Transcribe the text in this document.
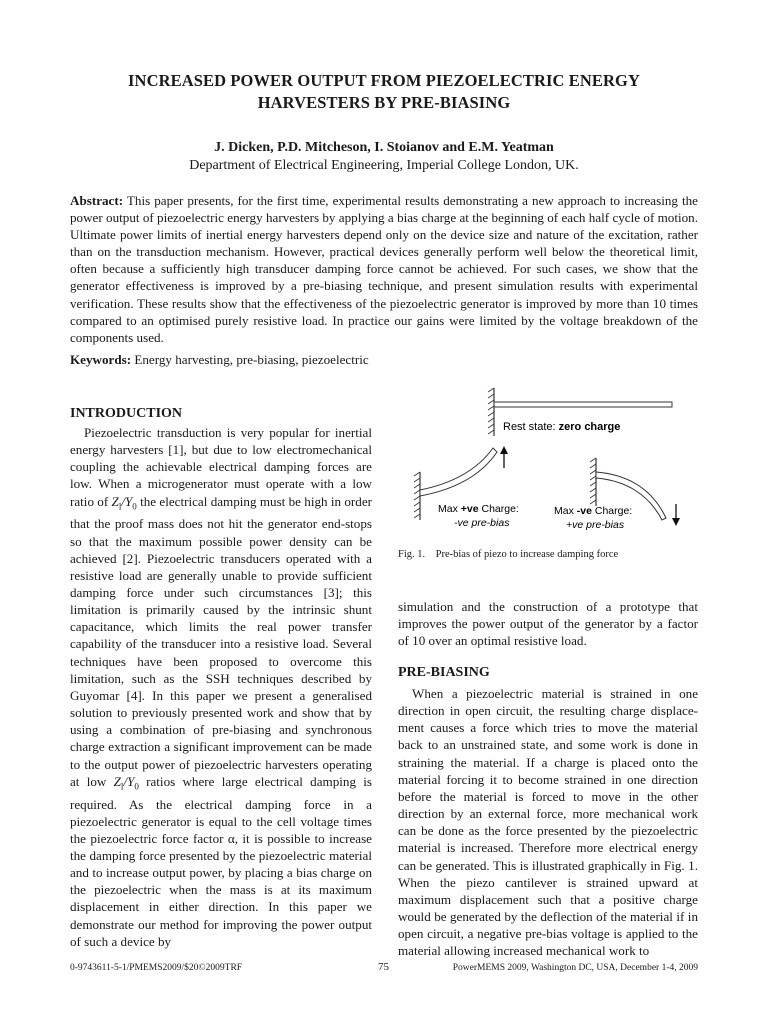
INCREASED POWER OUTPUT FROM PIEZOELECTRIC ENERGY
HARVESTERS BY PRE-BIASING
J. Dicken, P.D. Mitcheson, I. Stoianov and E.M. Yeatman
Department of Electrical Engineering, Imperial College London, UK.
Abstract: This paper presents, for the first time, experimental results demonstrating a new approach to increasing the power output of piezoelectric energy harvesters by applying a bias charge at the beginning of each half cycle of motion. Ultimate power limits of inertial energy harvesters depend only on the device size and nature of the excitation, rather than on the transduction mechanism. However, practical devices generally perform well below the theoretical limit, often because a sufficiently high transducer damping force cannot be achieved. For such cases, we show that the generator effectiveness is improved by a pre-biasing technique, and present simulation results with experimental verification. These results show that the effectiveness of the piezoelectric generator is improved by more than 10 times compared to an optimised purely resistive load. In practice our gains were limited by the voltage breakdown of the components used.
Keywords: Energy harvesting, pre-biasing, piezoelectric
INTRODUCTION
Piezoelectric transduction is very popular for inertial energy harvesters [1], but due to low electromechanical coupling the achievable electrical damping forces are low. When a microgenerator must operate with a low ratio of $Z_l/Y_0$ the electrical damping must be high in order that the proof mass does not hit the generator end-stops so that the maximum possible power density can be achieved [2]. Piezoelectric transducers operated with a resistive load are generally unable to provide sufficient damping force under such circumstances [3]; this limitation is primarily caused by the intrinsic shunt capacitance, which limits the real power transfer capability of the transducer into a resistive load. Several techniques have been proposed to overcome this limitation, such as the SSH techniques described by Guyomar [4]. In this paper we present a generalised solution to previously presented work and show that by using a combination of pre-biasing and synchronous charge extraction a significant improvement can be made to the output power of piezoelectric harvesters operating at low $Z_l/Y_0$ ratios where large electrical damping is required. As the electrical damping force in a piezoelectric generator is equal to the cell voltage times the piezoelectric force factor α, it is possible to increase the damping force presented by the piezoelectric material and to increase output power, by placing a bias charge on the piezoelectric when the mass is at its maximum displacement in either direction. In this paper we demonstrate our method for improving the power output of such a device by
Rest state: zero charge
Max +ve Charge:
-ve pre-bias
Max -ve Charge:
+ve pre-bias
Fig. 1. Pre-bias of piezo to increase damping force
simulation and the construction of a prototype that improves the power output of the generator by a factor of 10 over an optimal resistive load.
PRE-BIASING
When a piezoelectric material is strained in one direction in open circuit, the resulting charge displace-ment causes a force which tries to move the material back to an unstrained state, and some work is done in straining the material. If a charge is placed onto the material forcing it to become strained in one direction before the material is forced to move in the other direction by an external force, more mechanical work can be done as the force presented by the piezoelectric material is increased. Therefore more electrical energy can be generated. This is illustrated graphically in Fig. 1. When the piezo cantilever is strained upward at maximum displacement such that a positive charge would be generated by the deflection of the material if in open circuit, a negative pre-bias voltage is applied to the material allowing increased mechanical work to
0-9743611-5-1/PMEMS2009/$20©2009TRF	75	PowerMEMS 2009, Washington DC, USA, December 1-4, 2009
